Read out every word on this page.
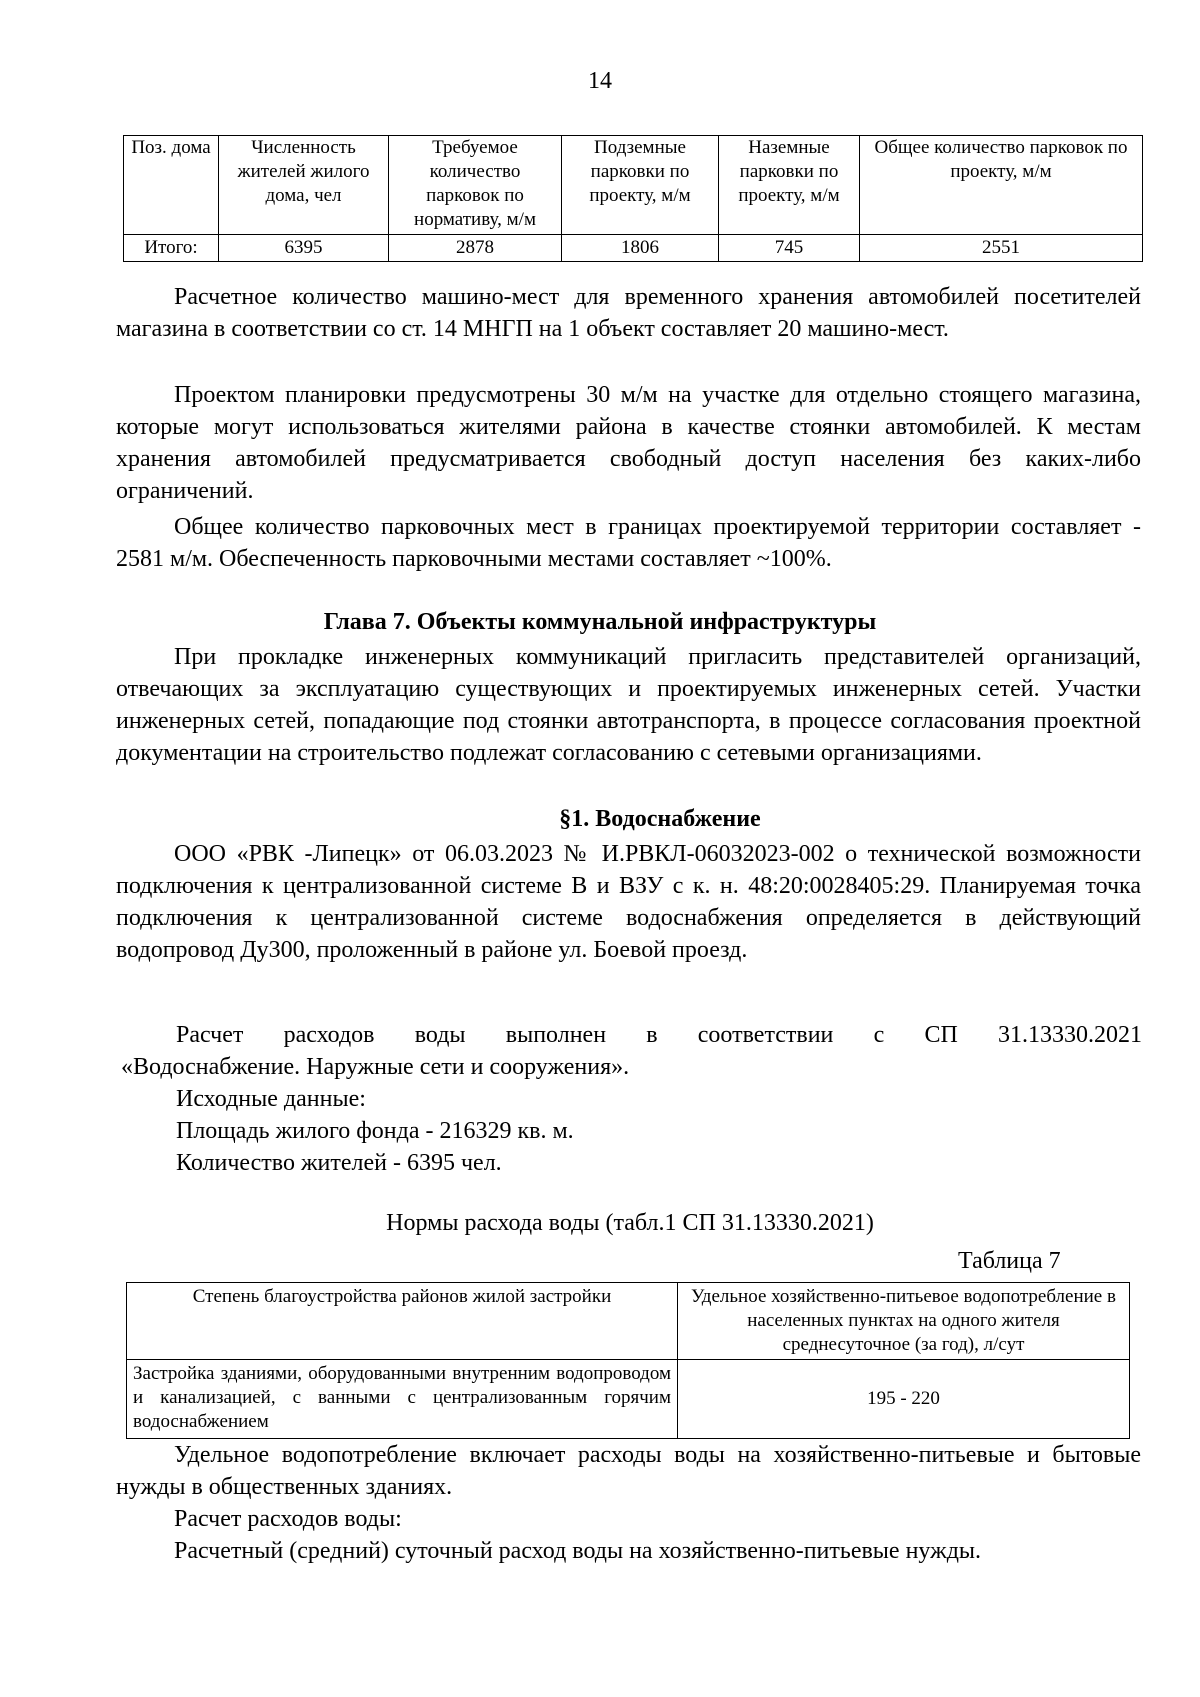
14
Поз. дома	Численность жителей жилого дома, чел	Требуемое количество парковок по нормативу, м/м	Подземные парковки по проекту, м/м	Наземные парковки по проекту, м/м	Общее количество парковок по проекту, м/м
Итого:	6395	2878	1806	745	2551

Расчетное количество машино-мест для временного хранения автомобилей посетителей магазина в соответствии со ст. 14 МНГП на 1 объект составляет 20 машино-мест.

Проектом планировки предусмотрены 30 м/м на участке для отдельно стоящего магазина, которые могут использоваться жителями района в качестве стоянки автомобилей. К местам хранения автомобилей предусматривается свободный доступ населения без каких-либо ограничений.

Общее количество парковочных мест в границах проектируемой территории составляет - 2581 м/м. Обеспеченность парковочными местами составляет ~100%.

Глава 7. Объекты коммунальной инфраструктуры

При прокладке инженерных коммуникаций пригласить представителей организаций, отвечающих за эксплуатацию существующих и проектируемых инженерных сетей. Участки инженерных сетей, попадающие под стоянки автотранспорта, в процессе согласования проектной документации на строительство подлежат согласованию с сетевыми организациями.

§1. Водоснабжение

ООО «РВК -Липецк» от 06.03.2023 № И.РВКЛ-06032023-002 о технической возможности подключения к централизованной системе В и ВЗУ с к. н. 48:20:0028405:29. Планируемая точка подключения к централизованной системе водоснабжения определяется в действующий водопровод Ду300, проложенный в районе ул. Боевой проезд.

Расчет расходов воды выполнен в соответствии с СП 31.13330.2021

«Водоснабжение. Наружные сети и сооружения».

Исходные данные:

Площадь жилого фонда - 216329 кв. м.

Количество жителей - 6395 чел.

Нормы расхода воды (табл.1 СП 31.13330.2021)

Таблица 7

Степень благоустройства районов жилой застройки	Удельное хозяйственно-питьевое водопотребление в населенных пунктах на одного жителя среднесуточное (за год), л/сут
Застройка зданиями, оборудованными внутренним водопроводом и канализацией, с ванными с централизованным горячим водоснабжением	195 - 220

Удельное водопотребление включает расходы воды на хозяйственно-питьевые и бытовые нужды в общественных зданиях.

Расчет расходов воды:

Расчетный (средний) суточный расход воды на хозяйственно-питьевые нужды.
